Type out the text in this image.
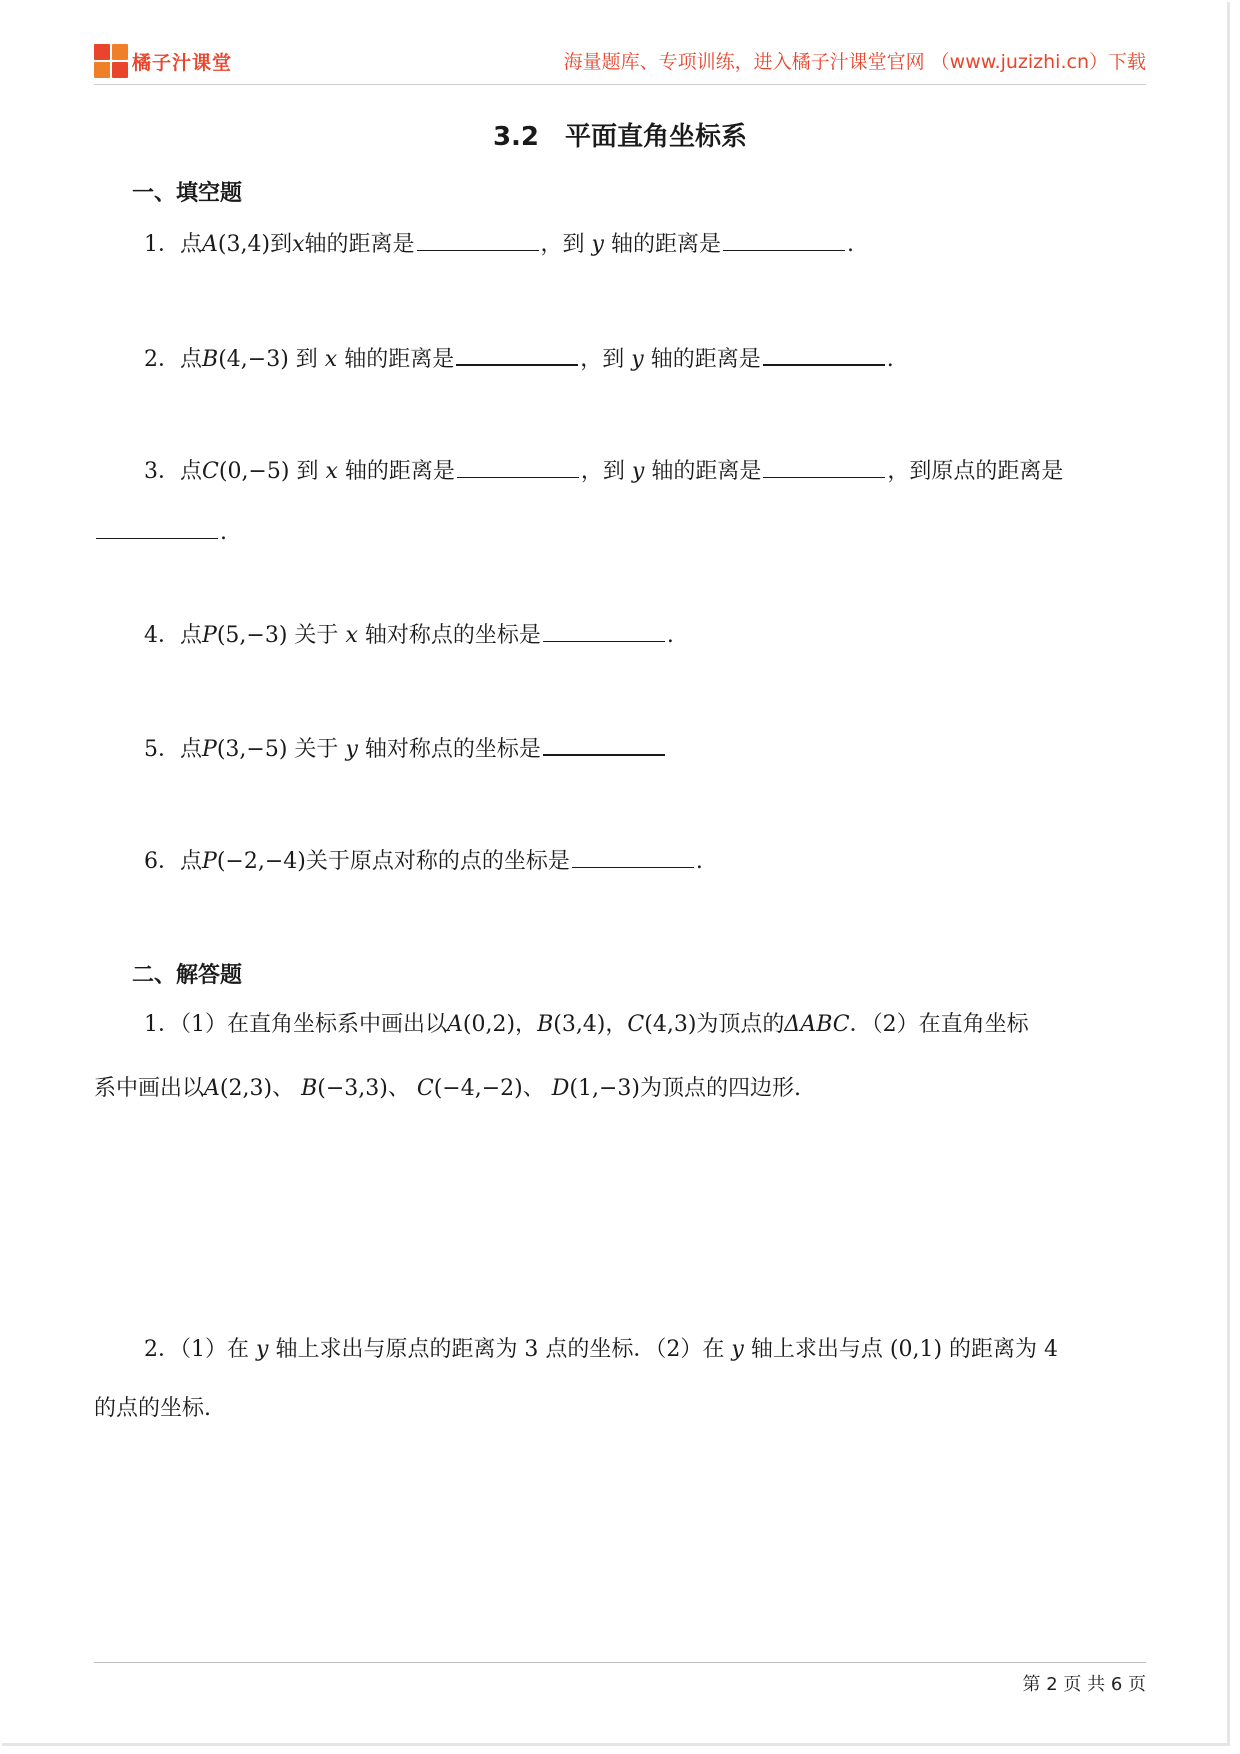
橘子汁课堂	海量题库、专项训练，进入橘子汁课堂官网 （www.juzizhi.cn）下载
3.2　平面直角坐标系
一、填空题
1．点A(3,4)到x轴的距离是	，到 y 轴的距离是	.
2．点B(4,−3) 到 x 轴的距离是	，到 y 轴的距离是	.
3．点C(0,−5) 到 x 轴的距离是	，到 y 轴的距离是	，到原点的距离是
.
4．点P(5,−3) 关于 x 轴对称点的坐标是	.
5．点P(3,−5) 关于 y 轴对称点的坐标是
6．点P(−2,−4)关于原点对称的点的坐标是	.
二、解答题
1．（1）在直角坐标系中画出以A(0,2)，B(3,4)，C(4,3)为顶点的ΔABC．（2）在直角坐标
系中画出以A(2,3)、 B(−3,3)、 C(−4,−2)、 D(1,−3)为顶点的四边形.
2．（1）在 y 轴上求出与原点的距离为 3 点的坐标．（2）在 y 轴上求出与点 (0,1) 的距离为 4
的点的坐标.
第 2 页 共 6 页
